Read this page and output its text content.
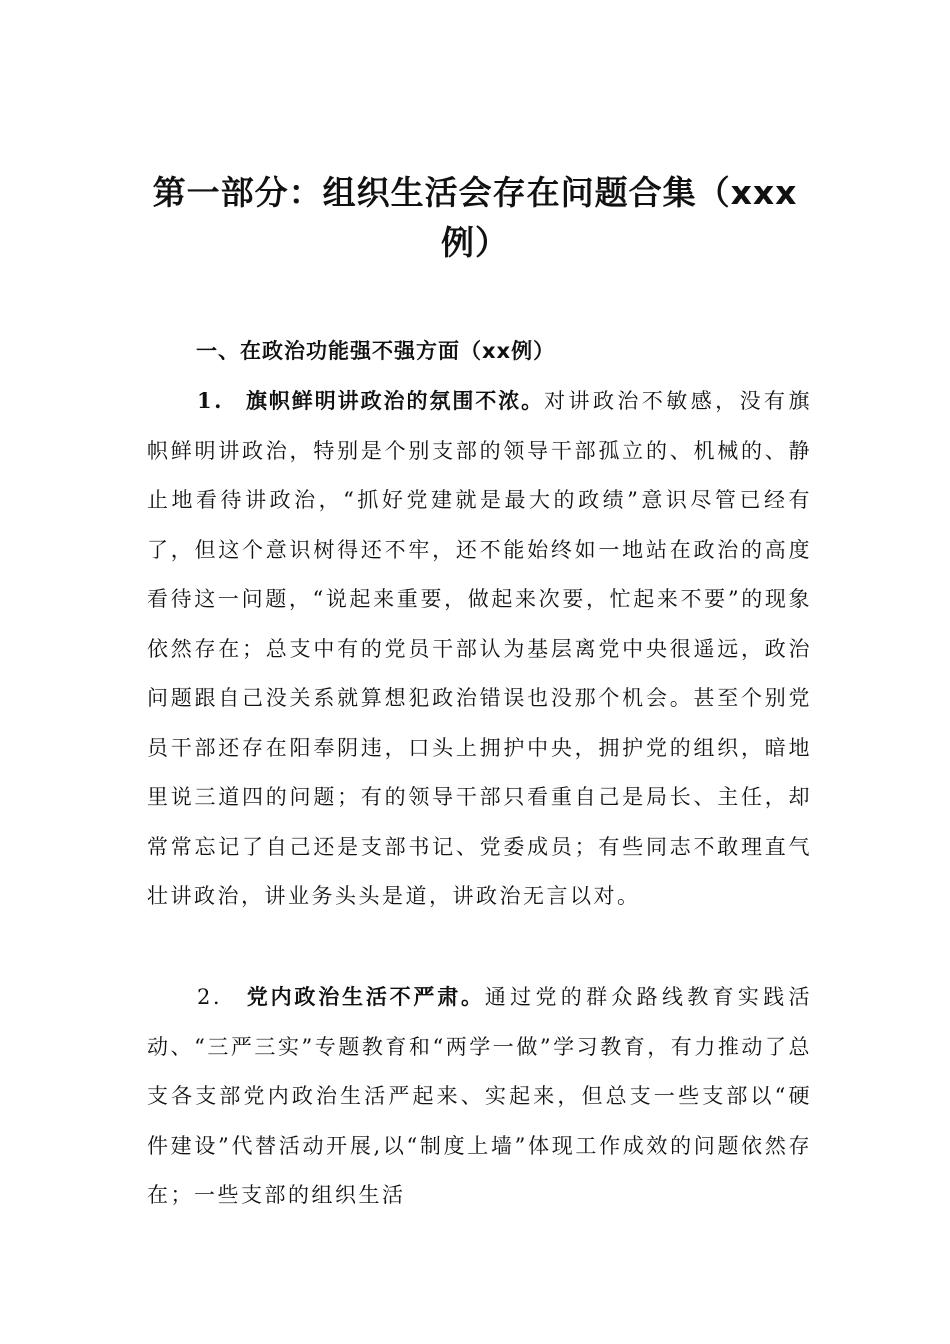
第一部分：组织生活会存在问题合集（xxx例）
一、在政治功能强不强方面（xx例）
1. 旗帜鲜明讲政治的氛围不浓。对讲政治不敏感，没有旗帜鲜明讲政治，特别是个别支部的领导干部孤立的、机械的、静止地看待讲政治，“抓好党建就是最大的政绩”意识尽管已经有了，但这个意识树得还不牢，还不能始终如一地站在政治的高度看待这一问题，“说起来重要，做起来次要，忙起来不要”的现象依然存在；总支中有的党员干部认为基层离党中央很遥远，政治问题跟自己没关系就算想犯政治错误也没那个机会。甚至个别党员干部还存在阳奉阴违，口头上拥护中央，拥护党的组织，暗地里说三道四的问题；有的领导干部只看重自己是局长、主任，却常常忘记了自己还是支部书记、党委成员；有些同志不敢理直气壮讲政治，讲业务头头是道，讲政治无言以对。
2. 党内政治生活不严肃。通过党的群众路线教育实践活动、“三严三实”专题教育和“两学一做”学习教育，有力推动了总支各支部党内政治生活严起来、实起来，但总支一些支部以“硬件建设”代替活动开展,以“制度上墙”体现工作成效的问题依然存在；一些支部的组织生活
